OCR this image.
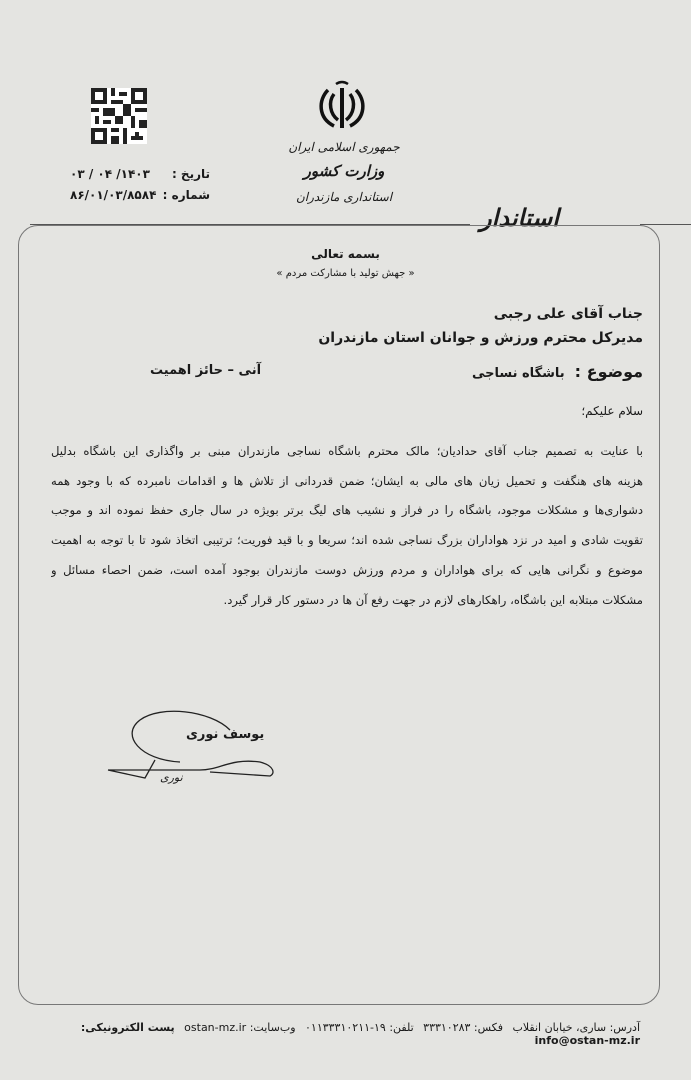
جمهوری اسلامی ایران
وزارت کشور
استانداری مازندران
تاریخ :
۱۴۰۳/ ۰۴ / ۰۳
شماره :
۸۶/۰۱/۰۳/۸۵۸۴
استاندار
بسمه تعالی
« جهش تولید با مشارکت مردم »
جناب آقای علی رجبی
مدیرکل محترم ورزش و جوانان استان مازندران
موضوع :
باشگاه نساجی
آنی – حائز اهمیت
سلام علیکم؛
با عنایت به تصمیم جناب آقای حدادیان؛ مالک محترم باشگاه نساجی مازندران مبنی بر واگذاری این باشگاه بدلیل
هزینه های هنگفت و تحمیل زیان های مالی به ایشان؛ ضمن قدردانی از تلاش ها و اقدامات نامبرده که با وجود همه
دشواری‌ها و مشکلات موجود، باشگاه را در فراز و نشیب های لیگ برتر بویژه در سال جاری حفظ نموده اند و موجب
تقویت شادی و امید در نزد هواداران بزرگ نساجی شده اند؛ سریعا و با قید فوریت؛ ترتیبی اتخاذ شود تا با توجه به اهمیت
موضوع و نگرانی هایی که برای هواداران و مردم ورزش دوست مازندران بوجود آمده است، ضمن احصاء مسائل و
مشکلات مبتلابه این باشگاه، راهکارهای لازم در جهت رفع آن ها در دستور کار قرار گیرد.
یوسف نوری
نوری
آدرس: ساری، خیابان انقلاب فکس: ۳۳۳۱۰۲۸۳ تلفن: ۱۹-۰۱۱۳۳۳۱۰۲۱۱ وب‌سایت: ostan-mz.ir پست الکترونیکی: info@ostan-mz.ir
